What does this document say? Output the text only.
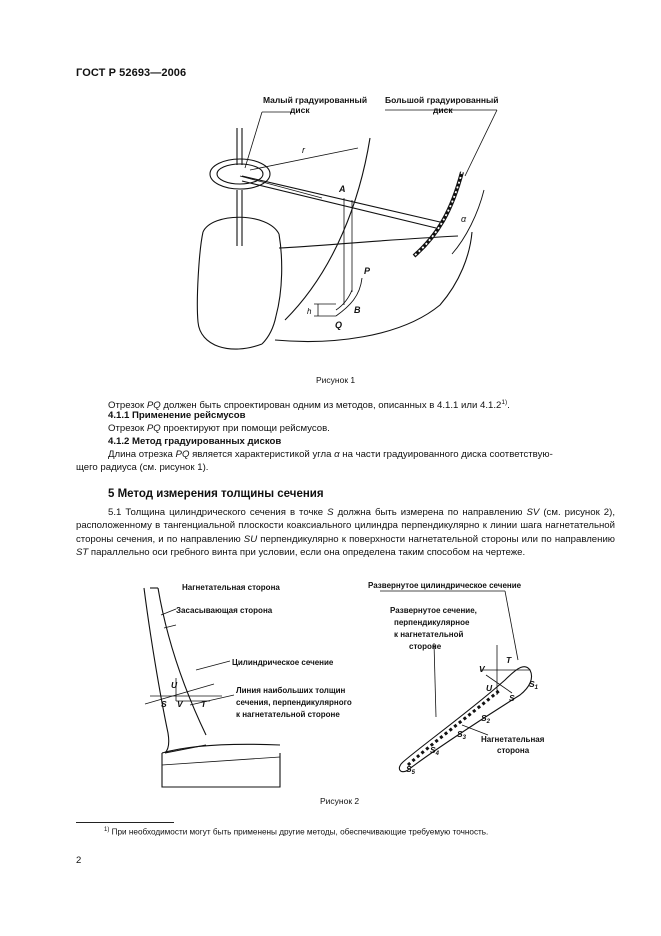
ГОСТ Р 52693—2006
Малый градуированный
диск
Большой градуированный
диск
r
A
P
B
Q
h
α
Рисунок 1
Отрезок PQ должен быть спроектирован одним из методов, описанных в 4.1.1 или 4.1.2$^{1)}$.
4.1.1 Применение рейсмусов
Отрезок PQ проектируют при помощи рейсмусов.
4.1.2 Метод градуированных дисков
Длина отрезка PQ является характеристикой угла α на части градуированного диска соответствую-
щего радиуса (см. рисунок 1).
5 Метод измерения толщины сечения
5.1 Толщина цилиндрического сечения в точке S должна быть измерена по направлению SV (см. рисунок 2), расположенному в тангенциальной плоскости коаксиального цилиндра перпендикулярно к линии шага нагнетательной стороны сечения, и по направлению SU перпендикулярно к поверхности нагнетательной стороны или по направлению ST параллельно оси гребного винта при условии, если она определена таким способом на чертеже.
Нагнетательная сторона
Засасывающая сторона
Цилиндрическое сечение
Линия наибольших толщин
сечения, перпендикулярного
к нагнетательной стороне
S V
U
T
Развернутое цилиндрическое сечение
Развернутое сечение,
перпендикулярное
к нагнетательной
стороне
T
V
U
S
$S_1$
$S_2$
$S_3$
$S_4$
$S_5$
Нагнетательная
сторона
Рисунок 2
$^{1)}$ При необходимости могут быть применены другие методы, обеспечивающие требуемую точность.
2
